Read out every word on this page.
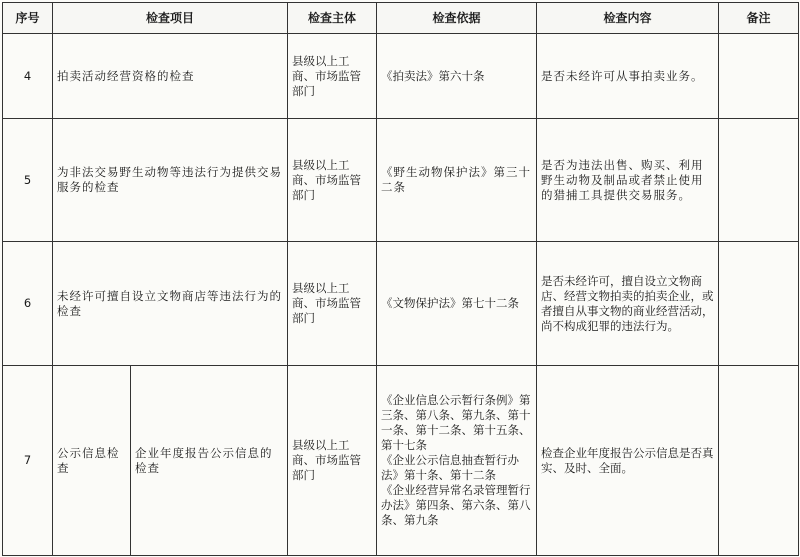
序号	检查项目		检查主体	检查依据	检查内容	备注
4	拍卖活动经营资格的检查		县级以上工商、市场监管部门	《拍卖法》第六十条	是否未经许可从事拍卖业务。	
5	为非法交易野生动物等违法行为提供交易服务的检查		县级以上工商、市场监管部门	《野生动物保护法》第三十二条	是否为违法出售、购买、利用野生动物及制品或者禁止使用的猎捕工具提供交易服务。	
6	未经许可擅自设立文物商店等违法行为的检查		县级以上工商、市场监管部门	《文物保护法》第七十二条	是否未经许可，擅自设立文物商店、经营文物拍卖的拍卖企业，或者擅自从事文物的商业经营活动，尚不构成犯罪的违法行为。	
7	公示信息检查	企业年度报告公示信息的检查	县级以上工商、市场监管部门	《企业信息公示暂行条例》第三条、第八条、第九条、第十一条、第十二条、第十五条、第十七条
《企业公示信息抽查暂行办法》第十条、第十二条
《企业经营异常名录管理暂行办法》第四条、第六条、第八条、第九条	检查企业年度报告公示信息是否真实、及时、全面。	
